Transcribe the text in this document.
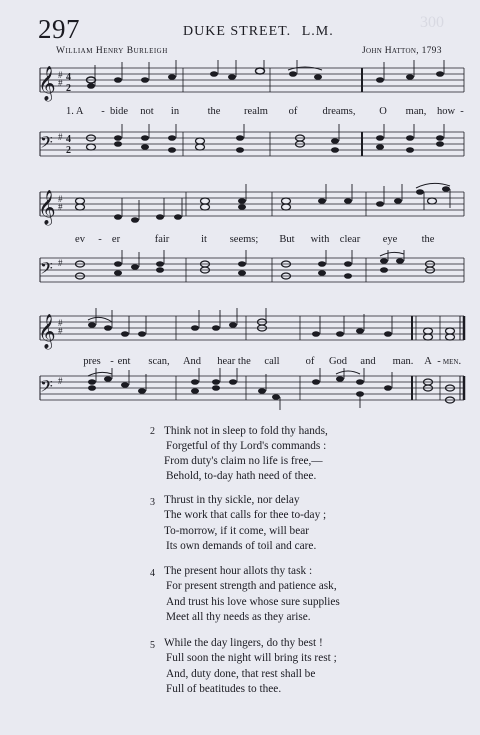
297	300
DUKE STREET. L.M.
William Henry Burleigh	John Hatton, 1793
𝄞 #
# 4
2
1. A - bide not in	the realm of dreams, O man, how -
𝄢 # 4
2
𝄞 #
#
ev - er	fair	it seems; But with clear eye the
𝄢 #
𝄞 #
#
pres - ent scan, And hear the call of God and man. A - men.
𝄢 #
2 Think not in sleep to fold thy hands,
Forgetful of thy Lord's commands :
From duty's claim no life is free,—
Behold, to-day hath need of thee.
3 Thrust in thy sickle, nor delay
The work that calls for thee to-day ;
To-morrow, if it come, will bear
Its own demands of toil and care.
4 The present hour allots thy task :
For present strength and patience ask,
And trust his love whose sure supplies
Meet all thy needs as they arise.
5 While the day lingers, do thy best !
Full soon the night will bring its rest ;
And, duty done, that rest shall be
Full of beatitudes to thee.
